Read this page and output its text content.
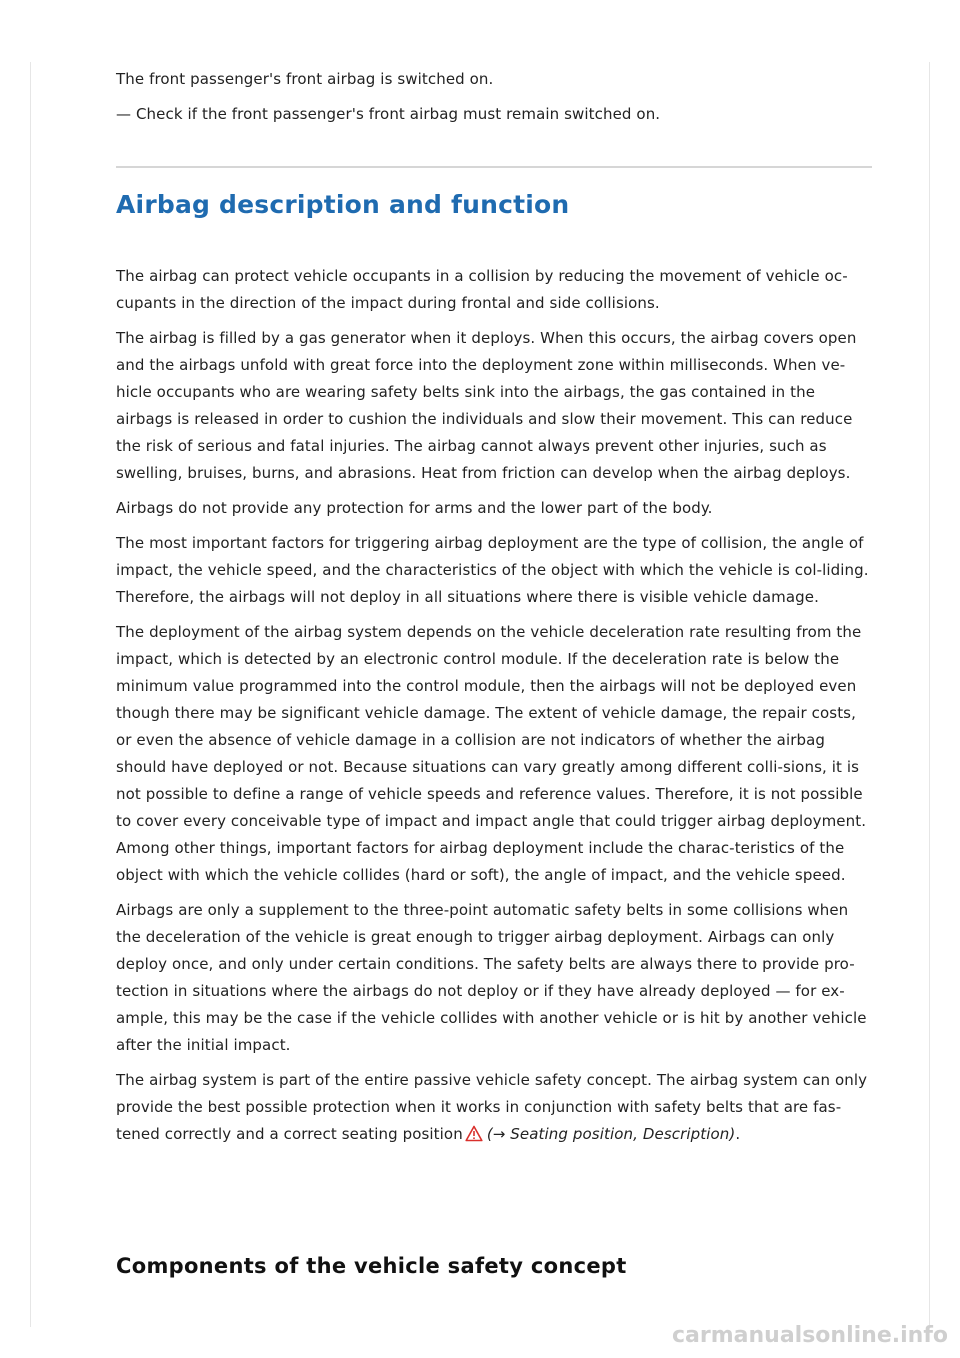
The front passenger's front airbag is switched on.

— Check if the front passenger's front airbag must remain switched on.

Airbag description and function

The airbag can protect vehicle occupants in a collision by reducing the movement of vehicle oc-cupants in the direction of the impact during frontal and side collisions.

The airbag is filled by a gas generator when it deploys. When this occurs, the airbag covers open and the airbags unfold with great force into the deployment zone within milliseconds. When ve-hicle occupants who are wearing safety belts sink into the airbags, the gas contained in the airbags is released in order to cushion the individuals and slow their movement. This can reduce the risk of serious and fatal injuries. The airbag cannot always prevent other injuries, such as swelling, bruises, burns, and abrasions. Heat from friction can develop when the airbag deploys.

Airbags do not provide any protection for arms and the lower part of the body.

The most important factors for triggering airbag deployment are the type of collision, the angle of impact, the vehicle speed, and the characteristics of the object with which the vehicle is col-liding. Therefore, the airbags will not deploy in all situations where there is visible vehicle damage.

The deployment of the airbag system depends on the vehicle deceleration rate resulting from the impact, which is detected by an electronic control module. If the deceleration rate is below the minimum value programmed into the control module, then the airbags will not be deployed even though there may be significant vehicle damage. The extent of vehicle damage, the repair costs, or even the absence of vehicle damage in a collision are not indicators of whether the airbag should have deployed or not. Because situations can vary greatly among different colli-sions, it is not possible to define a range of vehicle speeds and reference values. Therefore, it is not possible to cover every conceivable type of impact and impact angle that could trigger airbag deployment. Among other things, important factors for airbag deployment include the charac-teristics of the object with which the vehicle collides (hard or soft), the angle of impact, and the vehicle speed.

Airbags are only a supplement to the three-point automatic safety belts in some collisions when the deceleration of the vehicle is great enough to trigger airbag deployment. Airbags can only deploy once, and only under certain conditions. The safety belts are always there to provide pro-tection in situations where the airbags do not deploy or if they have already deployed — for ex-ample, this may be the case if the vehicle collides with another vehicle or is hit by another vehicle after the initial impact.

The airbag system is part of the entire passive vehicle safety concept. The airbag system can only provide the best possible protection when it works in conjunction with safety belts that are fas-tened correctly and a correct seating position (→ Seating position, Description).

Components of the vehicle safety concept
carmanualsonline.info
